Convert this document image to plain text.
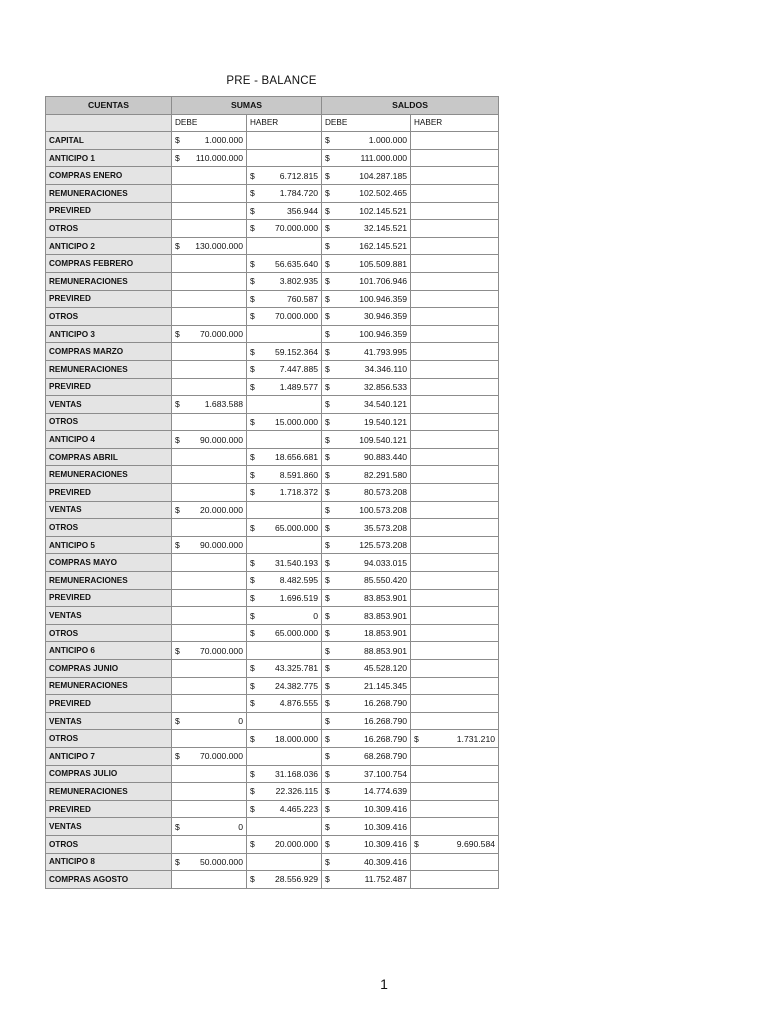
PRE - BALANCE
CUENTAS	SUMAS		SALDOS	
	DEBE	HABER	DEBE	HABER
CAPITAL	$ 1.000.000		$ 1.000.000	

ANTICIPO 1	$ 110.000.000		$ 111.000.000	

COMPRAS ENERO		$ 6.712.815	$ 104.287.185	

REMUNERACIONES		$ 1.784.720	$ 102.502.465	

PREVIRED		$ 356.944	$ 102.145.521	

OTROS		$ 70.000.000	$ 32.145.521	

ANTICIPO 2	$ 130.000.000		$ 162.145.521	

COMPRAS FEBRERO		$ 56.635.640	$ 105.509.881	

REMUNERACIONES		$ 3.802.935	$ 101.706.946	

PREVIRED		$ 760.587	$ 100.946.359	

OTROS		$ 70.000.000	$ 30.946.359	

ANTICIPO 3	$ 70.000.000		$ 100.946.359	

COMPRAS MARZO		$ 59.152.364	$ 41.793.995	

REMUNERACIONES		$ 7.447.885	$ 34.346.110	

PREVIRED		$ 1.489.577	$ 32.856.533	

VENTAS	$ 1.683.588		$ 34.540.121	

OTROS		$ 15.000.000	$ 19.540.121	

ANTICIPO 4	$ 90.000.000		$ 109.540.121	

COMPRAS ABRIL		$ 18.656.681	$ 90.883.440	

REMUNERACIONES		$ 8.591.860	$ 82.291.580	

PREVIRED		$ 1.718.372	$ 80.573.208	

VENTAS	$ 20.000.000		$ 100.573.208	

OTROS		$ 65.000.000	$ 35.573.208	

ANTICIPO 5	$ 90.000.000		$ 125.573.208	

COMPRAS MAYO		$ 31.540.193	$ 94.033.015	

REMUNERACIONES		$ 8.482.595	$ 85.550.420	

PREVIRED		$ 1.696.519	$ 83.853.901	

VENTAS		$ 0	$ 83.853.901	

OTROS		$ 65.000.000	$ 18.853.901	

ANTICIPO 6	$ 70.000.000		$ 88.853.901	

COMPRAS JUNIO		$ 43.325.781	$ 45.528.120	

REMUNERACIONES		$ 24.382.775	$ 21.145.345	

PREVIRED		$ 4.876.555	$ 16.268.790	

VENTAS	$ 0		$ 16.268.790	

OTROS		$ 18.000.000	$ 16.268.790	$ 1.731.210

ANTICIPO 7	$ 70.000.000		$ 68.268.790	

COMPRAS JULIO		$ 31.168.036	$ 37.100.754	

REMUNERACIONES		$ 22.326.115	$ 14.774.639	

PREVIRED		$ 4.465.223	$ 10.309.416	

VENTAS	$ 0		$ 10.309.416	

OTROS		$ 20.000.000	$ 10.309.416	$ 9.690.584

ANTICIPO 8	$ 50.000.000		$ 40.309.416	

COMPRAS AGOSTO		$ 28.556.929	$ 11.752.487	

1
